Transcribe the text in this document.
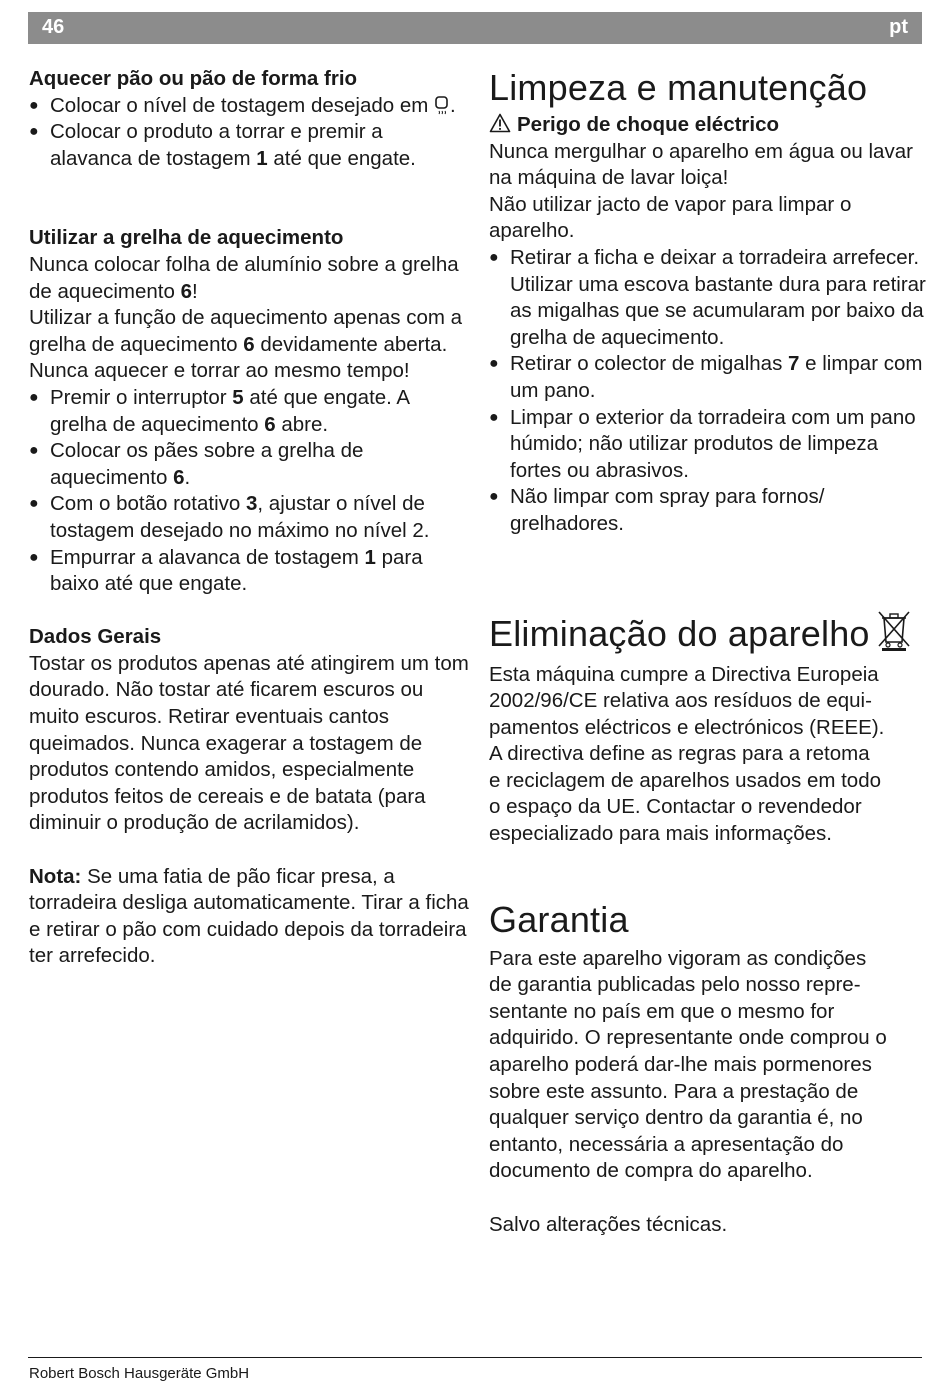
46	pt

Aquecer pão ou pão de forma frio

● Colocar o nível de tostagem desejado em .

● Colocar o produto a torrar e premir a alavanca de tostagem 1 até que engate.

Utilizar a grelha de aquecimento

Nunca colocar folha de alumínio sobre a grelha de aquecimento 6!

Utilizar a função de aquecimento apenas com a grelha de aquecimento 6 devidamente aberta.

Nunca aquecer e torrar ao mesmo tempo!

● Premir o interruptor 5 até que engate. A grelha de aquecimento 6 abre.

● Colocar os pães sobre a grelha de aquecimento 6.

● Com o botão rotativo 3, ajustar o nível de tostagem desejado no máximo no nível 2.

● Empurrar a alavanca de tostagem 1 para baixo até que engate.

Dados Gerais

Tostar os produtos apenas até atingirem um tom dourado. Não tostar até ficarem escuros ou muito escuros. Retirar eventuais cantos queimados. Nunca exagerar a tostagem de produtos contendo amidos, especialmente produtos feitos de cereais e de batata (para diminuir o produção de acrilamidos).

Nota: Se uma fatia de pão ficar presa, a torradeira desliga automaticamente. Tirar a ficha e retirar o pão com cuidado depois da torradeira ter arrefecido.

Limpeza e manutenção

Perigo de choque eléctrico

Nunca mergulhar o aparelho em água ou lavar na máquina de lavar loiça!

Não utilizar jacto de vapor para limpar o aparelho.

● Retirar a ficha e deixar a torradeira arrefecer. Utilizar uma escova bastante dura para retirar as migalhas que se acumularam por baixo da grelha de aquecimento.

● Retirar o colector de migalhas 7 e limpar com um pano.

● Limpar o exterior da torradeira com um pano húmido; não utilizar produtos de limpeza fortes ou abrasivos.

● Não limpar com spray para fornos/ grelhadores.

Eliminação do aparelho

Esta máquina cumpre a Directiva Europeia

2002/96/CE relativa aos resíduos de equi-

pamentos eléctricos e electrónicos (REEE).

A directiva define as regras para a retoma

e reciclagem de aparelhos usados em todo

o espaço da UE. Contactar o revendedor

especializado para mais informações.

Garantia

Para este aparelho vigoram as condições

de garantia publicadas pelo nosso repre-

sentante no país em que o mesmo for

adquirido. O representante onde comprou o

aparelho poderá dar-lhe mais pormenores

sobre este assunto. Para a prestação de

qualquer serviço dentro da garantia é, no

entanto, necessária a apresentação do

documento de compra do aparelho.

Salvo alterações técnicas.

Robert Bosch Hausgeräte GmbH
